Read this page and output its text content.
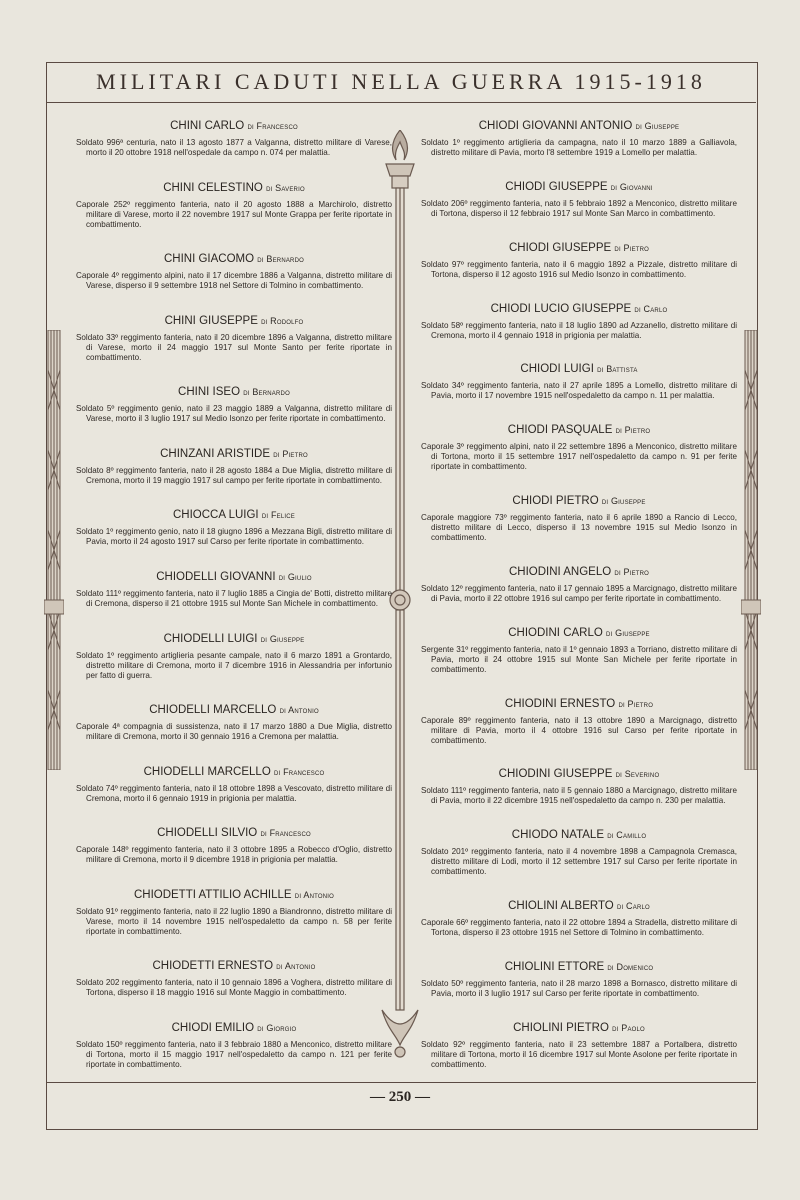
MILITARI CADUTI NELLA GUERRA 1915-1918
CHINI CARLO di Francesco

Soldato 996ª centuria, nato il 13 agosto 1877 a Valganna, distretto militare di Varese, morto il 20 ottobre 1918 nell'ospedale da campo n. 074 per malattia.

CHINI CELESTINO di Saverio

Caporale 252º reggimento fanteria, nato il 20 agosto 1888 a Marchirolo, distretto militare di Varese, morto il 22 novembre 1917 sul Monte Grappa per ferite riportate in combattimento.

CHINI GIACOMO di Bernardo

Caporale 4º reggimento alpini, nato il 17 dicembre 1886 a Valganna, distretto militare di Varese, disperso il 9 settembre 1918 nel Settore di Tolmino in combattimento.

CHINI GIUSEPPE di Rodolfo

Soldato 33º reggimento fanteria, nato il 20 dicembre 1896 a Valganna, distretto militare di Varese, morto il 24 maggio 1917 sul Monte Santo per ferite riportate in combattimento.

CHINI ISEO di Bernardo

Soldato 5º reggimento genio, nato il 23 maggio 1889 a Valganna, distretto militare di Varese, morto il 3 luglio 1917 sul Medio Isonzo per ferite riportate in combattimento.

CHINZANI ARISTIDE di Pietro

Soldato 8º reggimento fanteria, nato il 28 agosto 1884 a Due Miglia, distretto militare di Cremona, morto il 19 maggio 1917 sul campo per ferite riportate in combattimento.

CHIOCCA LUIGI di Felice

Soldato 1º reggimento genio, nato il 18 giugno 1896 a Mezzana Bigli, distretto militare di Pavia, morto il 24 agosto 1917 sul Carso per ferite riportate in combattimento.

CHIODELLI GIOVANNI di Giulio

Soldato 111º reggimento fanteria, nato il 7 luglio 1885 a Cingia de' Botti, distretto militare di Cremona, disperso il 21 ottobre 1915 sul Monte San Michele in combattimento.

CHIODELLI LUIGI di Giuseppe

Soldato 1º reggimento artiglieria pesante campale, nato il 6 marzo 1891 a Grontardo, distretto militare di Cremona, morto il 7 dicembre 1916 in Alessandria per infortunio per fatto di guerra.

CHIODELLI MARCELLO di Antonio

Caporale 4ª compagnia di sussistenza, nato il 17 marzo 1880 a Due Miglia, distretto militare di Cremona, morto il 30 gennaio 1916 a Cremona per malattia.

CHIODELLI MARCELLO di Francesco

Soldato 74º reggimento fanteria, nato il 18 ottobre 1898 a Vescovato, distretto militare di Cremona, morto il 6 gennaio 1919 in prigionia per malattia.

CHIODELLI SILVIO di Francesco

Caporale 148º reggimento fanteria, nato il 3 ottobre 1895 a Robecco d'Oglio, distretto militare di Cremona, morto il 9 dicembre 1918 in prigionia per malattia.

CHIODETTI ATTILIO ACHILLE di Antonio

Soldato 91º reggimento fanteria, nato il 22 luglio 1890 a Biandronno, distretto militare di Varese, morto il 14 novembre 1915 nell'ospedaletto da campo n. 58 per ferite riportate in combattimento.

CHIODETTI ERNESTO di Antonio

Soldato 202 reggimento fanteria, nato il 10 gennaio 1896 a Voghera, distretto militare di Tortona, disperso il 18 maggio 1916 sul Monte Maggio in combattimento.

CHIODI EMILIO di Giorgio

Soldato 150º reggimento fanteria, nato il 3 febbraio 1880 a Menconico, distretto militare di Tortona, morto il 15 maggio 1917 nell'ospedaletto da campo n. 121 per ferite riportate in combattimento.

CHIODI GIOVANNI ANTONIO di Giuseppe

Soldato 1º reggimento artiglieria da campagna, nato il 10 marzo 1889 a Galliavola, distretto militare di Pavia, morto l'8 settembre 1919 a Lomello per malattia.

CHIODI GIUSEPPE di Giovanni

Soldato 206º reggimento fanteria, nato il 5 febbraio 1892 a Menconico, distretto militare di Tortona, disperso il 12 febbraio 1917 sul Monte San Marco in combattimento.

CHIODI GIUSEPPE di Pietro

Soldato 97º reggimento fanteria, nato il 6 maggio 1892 a Pizzale, distretto militare di Tortona, disperso il 12 agosto 1916 sul Medio Isonzo in combattimento.

CHIODI LUCIO GIUSEPPE di Carlo

Soldato 58º reggimento fanteria, nato il 18 luglio 1890 ad Azzanello, distretto militare di Cremona, morto il 4 gennaio 1918 in prigionia per malattia.

CHIODI LUIGI di Battista

Soldato 34º reggimento fanteria, nato il 27 aprile 1895 a Lomello, distretto militare di Pavia, morto il 17 novembre 1915 nell'ospedaletto da campo n. 11 per malattia.

CHIODI PASQUALE di Pietro

Caporale 3º reggimento alpini, nato il 22 settembre 1896 a Menconico, distretto militare di Tortona, morto il 15 settembre 1917 nell'ospedaletto da campo n. 91 per ferite riportate in combattimento.

CHIODI PIETRO di Giuseppe

Caporale maggiore 73º reggimento fanteria, nato il 6 aprile 1890 a Rancio di Lecco, distretto militare di Lecco, disperso il 13 novembre 1915 sul Medio Isonzo in combattimento.

CHIODINI ANGELO di Pietro

Soldato 12º reggimento fanteria, nato il 17 gennaio 1895 a Marcignago, distretto militare di Pavia, morto il 22 ottobre 1916 sul campo per ferite riportate in combattimento.

CHIODINI CARLO di Giuseppe

Sergente 31º reggimento fanteria, nato il 1º gennaio 1893 a Torriano, distretto militare di Pavia, morto il 24 ottobre 1915 sul Monte San Michele per ferite riportate in combattimento.

CHIODINI ERNESTO di Pietro

Caporale 89º reggimento fanteria, nato il 13 ottobre 1890 a Marcignago, distretto militare di Pavia, morto il 4 ottobre 1916 sul Carso per ferite riportate in combattimento.

CHIODINI GIUSEPPE di Severino

Soldato 111º reggimento fanteria, nato il 5 gennaio 1880 a Marcignago, distretto militare di Pavia, morto il 22 dicembre 1915 nell'ospedaletto da campo n. 230 per malattia.

CHIODO NATALE di Camillo

Soldato 201º reggimento fanteria, nato il 4 novembre 1898 a Campagnola Cremasca, distretto militare di Lodi, morto il 12 settembre 1917 sul Carso per ferite riportate in combattimento.

CHIOLINI ALBERTO di Carlo

Caporale 66º reggimento fanteria, nato il 22 ottobre 1894 a Stradella, distretto militare di Tortona, disperso il 23 ottobre 1915 nel Settore di Tolmino in combattimento.

CHIOLINI ETTORE di Domenico

Soldato 50º reggimento fanteria, nato il 28 marzo 1898 a Bornasco, distretto militare di Pavia, morto il 3 luglio 1917 sul Carso per ferite riportate in combattimento.

CHIOLINI PIETRO di Paolo

Soldato 92º reggimento fanteria, nato il 23 settembre 1887 a Portalbera, distretto militare di Tortona, morto il 16 dicembre 1917 sul Monte Asolone per ferite riportate in combattimento.

— 250 —
